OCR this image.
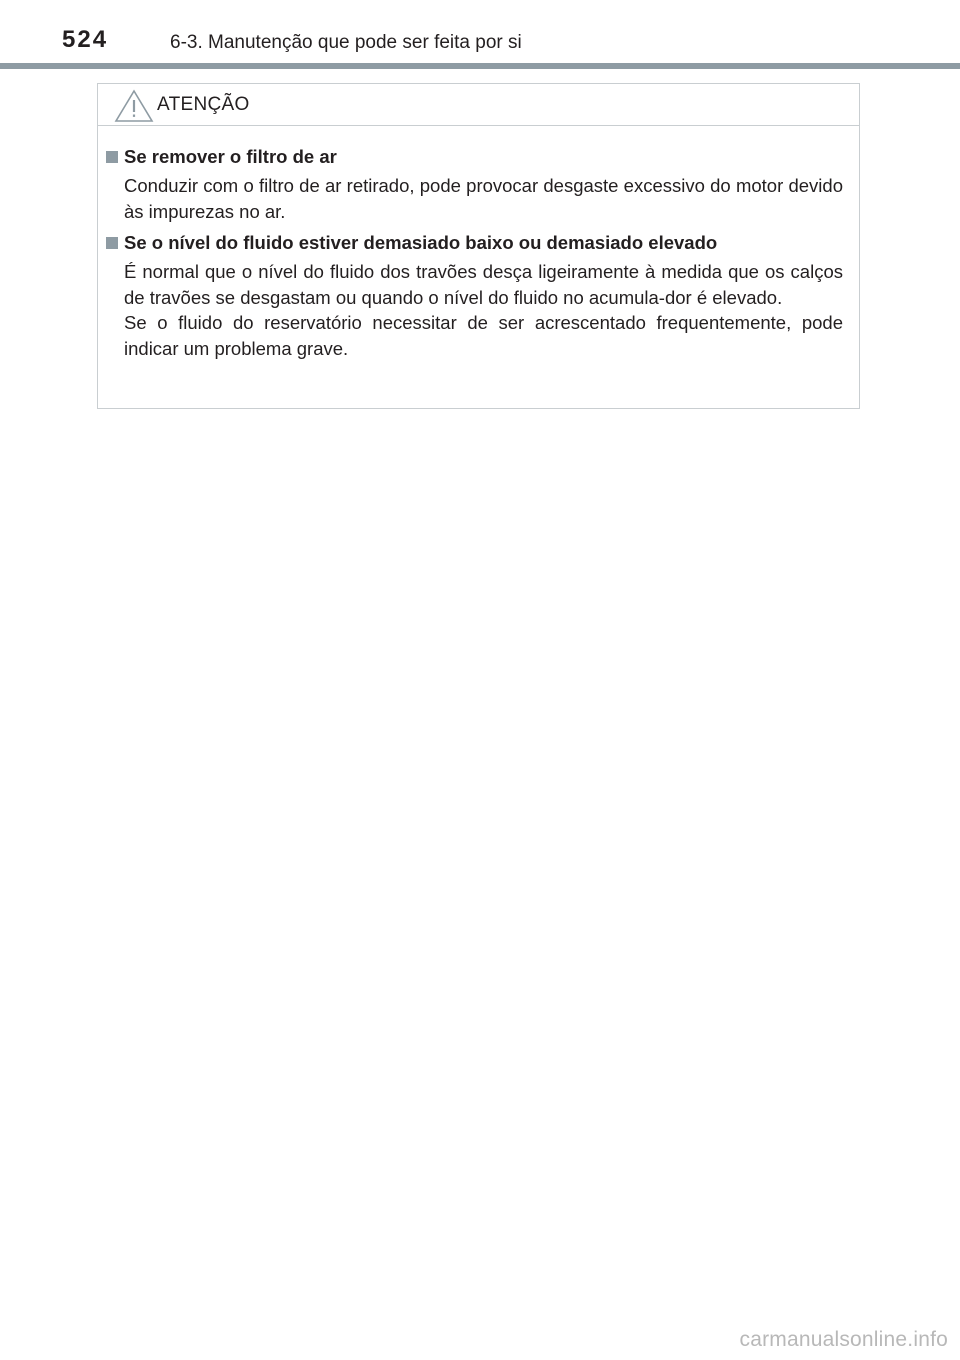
524	6-3. Manutenção que pode ser feita por si
ATENÇÃO
Se remover o filtro de ar

Conduzir com o filtro de ar retirado, pode provocar desgaste excessivo do motor devido às impurezas no ar.

Se o nível do fluido estiver demasiado baixo ou demasiado elevado

É normal que o nível do fluido dos travões desça ligeiramente à medida que os calços de travões se desgastam ou quando o nível do fluido no acumula-dor é elevado.

Se o fluido do reservatório necessitar de ser acrescentado frequentemente, pode indicar um problema grave.

carmanualsonline.info
